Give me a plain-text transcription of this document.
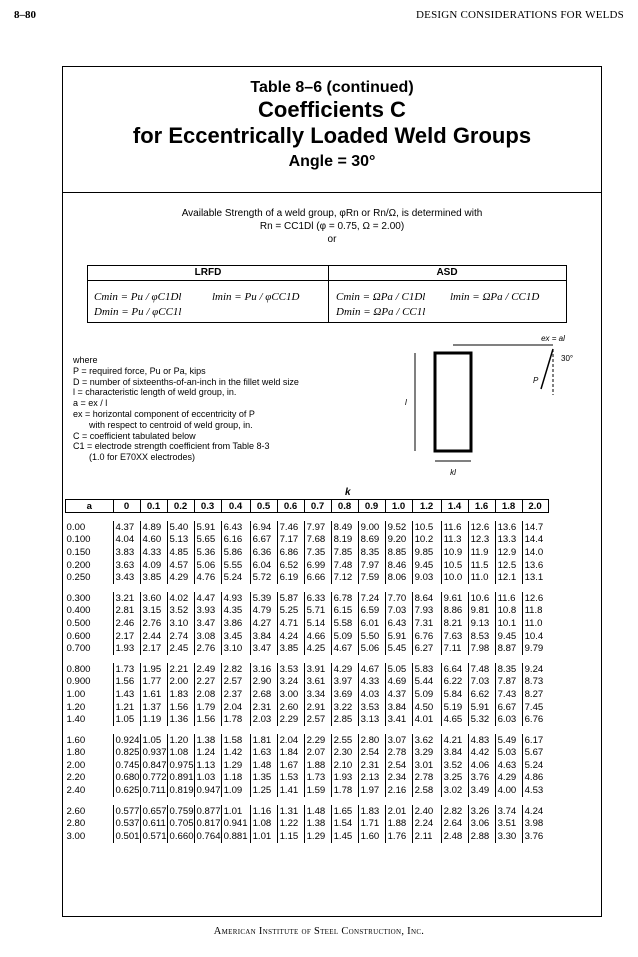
8–80	DESIGN CONSIDERATIONS FOR WELDS
Table 8–6 (continued)
Coefficients C
for Eccentrically Loaded Weld Groups
Angle = 30°
Available Strength of a weld group, φRn or Rn/Ω, is determined with
Rn = CC1Dl (φ = 0.75, Ω = 2.00)
or
LRFD	ASD
Cmin = Pu / φC1Dl
Dmin = Pu / φCC1l
lmin = Pu / φCC1D	Cmin = ΩPa / C1Dl
Dmin = ΩPa / CC1l
lmin = ΩPa / CC1D
where
P = required force, Pu or Pa, kips
D = number of sixteenths-of-an-inch in the fillet weld size
l = characteristic length of weld group, in.
a = ex / l
ex = horizontal component of eccentricity of P
with respect to centroid of weld group, in.
C = coefficient tabulated below
C1 = electrode strength coefficient from Table 8-3
(1.0 for E70XX electrodes)
ex = al
30°
P
l
kl
k
a	0	0.1	0.2	0.3	0.4	0.5	0.6	0.7	0.8	0.9	1.0	1.2	1.4	1.6	1.8	2.0

0.00	4.37	4.89	5.40	5.91	6.43	6.94	7.46	7.97	8.49	9.00	9.52	10.5	11.6	12.6	13.6	14.7
0.100	4.04	4.60	5.13	5.65	6.16	6.67	7.17	7.68	8.19	8.69	9.20	10.2	11.3	12.3	13.3	14.4
0.150	3.83	4.33	4.85	5.36	5.86	6.36	6.86	7.35	7.85	8.35	8.85	9.85	10.9	11.9	12.9	14.0
0.200	3.63	4.09	4.57	5.06	5.55	6.04	6.52	6.99	7.48	7.97	8.46	9.45	10.5	11.5	12.5	13.6
0.250	3.43	3.85	4.29	4.76	5.24	5.72	6.19	6.66	7.12	7.59	8.06	9.03	10.0	11.0	12.1	13.1

0.300	3.21	3.60	4.02	4.47	4.93	5.39	5.87	6.33	6.78	7.24	7.70	8.64	9.61	10.6	11.6	12.6
0.400	2.81	3.15	3.52	3.93	4.35	4.79	5.25	5.71	6.15	6.59	7.03	7.93	8.86	9.81	10.8	11.8
0.500	2.46	2.76	3.10	3.47	3.86	4.27	4.71	5.14	5.58	6.01	6.43	7.31	8.21	9.13	10.1	11.0
0.600	2.17	2.44	2.74	3.08	3.45	3.84	4.24	4.66	5.09	5.50	5.91	6.76	7.63	8.53	9.45	10.4
0.700	1.93	2.17	2.45	2.76	3.10	3.47	3.85	4.25	4.67	5.06	5.45	6.27	7.11	7.98	8.87	9.79

0.800	1.73	1.95	2.21	2.49	2.82	3.16	3.53	3.91	4.29	4.67	5.05	5.83	6.64	7.48	8.35	9.24
0.900	1.56	1.77	2.00	2.27	2.57	2.90	3.24	3.61	3.97	4.33	4.69	5.44	6.22	7.03	7.87	8.73
1.00	1.43	1.61	1.83	2.08	2.37	2.68	3.00	3.34	3.69	4.03	4.37	5.09	5.84	6.62	7.43	8.27
1.20	1.21	1.37	1.56	1.79	2.04	2.31	2.60	2.91	3.22	3.53	3.84	4.50	5.19	5.91	6.67	7.45
1.40	1.05	1.19	1.36	1.56	1.78	2.03	2.29	2.57	2.85	3.13	3.41	4.01	4.65	5.32	6.03	6.76

1.60	0.924	1.05	1.20	1.38	1.58	1.81	2.04	2.29	2.55	2.80	3.07	3.62	4.21	4.83	5.49	6.17
1.80	0.825	0.937	1.08	1.24	1.42	1.63	1.84	2.07	2.30	2.54	2.78	3.29	3.84	4.42	5.03	5.67
2.00	0.745	0.847	0.975	1.13	1.29	1.48	1.67	1.88	2.10	2.31	2.54	3.01	3.52	4.06	4.63	5.24
2.20	0.680	0.772	0.891	1.03	1.18	1.35	1.53	1.73	1.93	2.13	2.34	2.78	3.25	3.76	4.29	4.86
2.40	0.625	0.711	0.819	0.947	1.09	1.25	1.41	1.59	1.78	1.97	2.16	2.58	3.02	3.49	4.00	4.53

2.60	0.577	0.657	0.759	0.877	1.01	1.16	1.31	1.48	1.65	1.83	2.01	2.40	2.82	3.26	3.74	4.24
2.80	0.537	0.611	0.705	0.817	0.941	1.08	1.22	1.38	1.54	1.71	1.88	2.24	2.64	3.06	3.51	3.98
3.00	0.501	0.571	0.660	0.764	0.881	1.01	1.15	1.29	1.45	1.60	1.76	2.11	2.48	2.88	3.30	3.76
American Institute of Steel Construction, Inc.
